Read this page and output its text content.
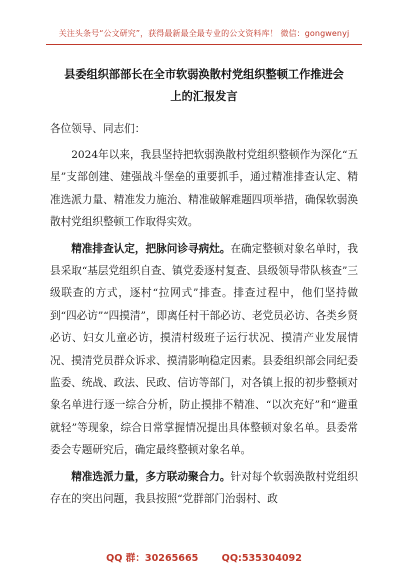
关注头条号“公文研究”，获得最新最全最专业的公文资料库！ 微信：gongwenyj
县委组织部部长在全市软弱涣散村党组织整顿工作推进会
上的汇报发言

各位领导、同志们：

2024年以来，我县坚持把软弱涣散村党组织整顿作为深化“五星”支部创建、建强战斗堡垒的重要抓手，通过精准排查认定、精准选派力量、精准发力施治、精准破解难题四项举措，确保软弱涣散村党组织整顿工作取得实效。

精准排查认定，把脉问诊寻病灶。在确定整顿对象名单时，我县采取“基层党组织自查、镇党委逐村复查、县级领导带队核查”三级联查的方式，逐村“拉网式”排查。排查过程中，他们坚持做到“四必访”“四摸清”，即离任村干部必访、老党员必访、各类乡贤必访、妇女儿童必访，摸清村级班子运行状况、摸清产业发展情况、摸清党员群众诉求、摸清影响稳定因素。县委组织部会同纪委监委、统战、政法、民政、信访等部门，对各镇上报的初步整顿对象名单进行逐一综合分析，防止摸排不精准、“以次充好”和“避重就轻”等现象，综合日常掌握情况提出具体整顿对象名单。县委常委会专题研究后，确定最终整顿对象名单。

精准选派力量，多方联动聚合力。针对每个软弱涣散村党组织存在的突出问题，我县按照“党群部门治弱村、政

QQ 群：30265665 QQ:535304092
